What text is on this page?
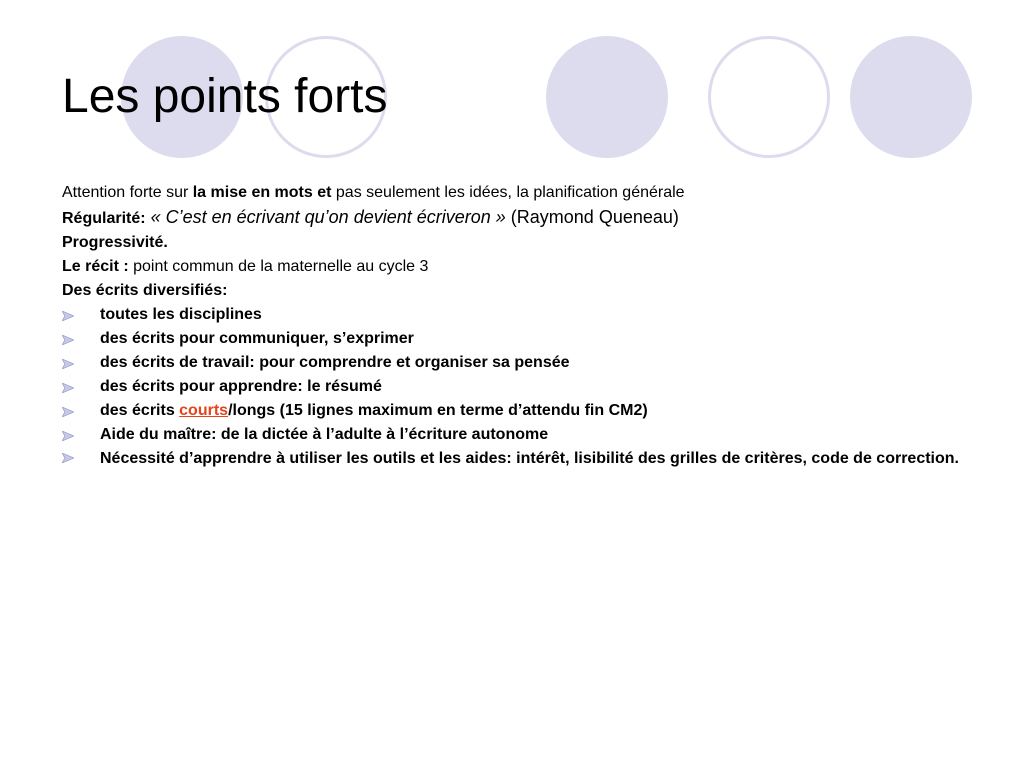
Les points forts
Attention forte sur la mise en mots et pas seulement les idées, la planification générale
Régularité: « C’est en écrivant qu’on devient écriveron » (Raymond Queneau)
Progressivité.
Le récit : point commun de la maternelle au cycle 3
Des écrits diversifiés:
toutes les disciplines
des écrits pour communiquer, s’exprimer
des écrits de travail: pour comprendre et organiser sa pensée
des écrits pour apprendre: le résumé
des écrits courts/longs (15 lignes maximum en terme d’attendu fin CM2)
Aide du maître: de la dictée à l’adulte à l’écriture autonome
Nécessité d’apprendre à utiliser les outils et les aides: intérêt, lisibilité des grilles de critères, code de correction.
